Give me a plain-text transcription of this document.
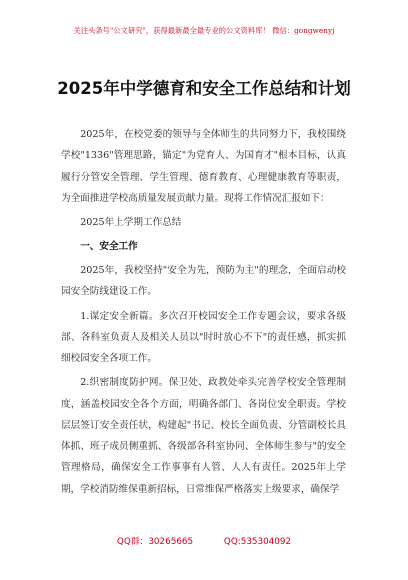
关注头条号"公文研究"，获得最新最全最专业的公文资料库！ 微信：gongwenyj
2025年中学德育和安全工作总结和计划

2025年，在校党委的领导与全体师生的共同努力下，我校围绕学校"1336"管理思路，锚定"为党育人、为国育才"根本目标，认真履行分管安全管理、学生管理、德育教育、心理健康教育等职责，为全面推进学校高质量发展贡献力量。现将工作情况汇报如下：

2025年上学期工作总结

一、安全工作

2025年，我校坚持"安全为先，预防为主"的理念，全面启动校园安全防线建设工作。

1.谋定安全新篇。多次召开校园安全工作专题会议，要求各级部、各科室负责人及相关人员以"时时放心不下"的责任感，抓实抓细校园安全各项工作。

2.织密制度防护网。保卫处、政教处牵头完善学校安全管理制度，涵盖校园安全各个方面，明确各部门、各岗位安全职责。学校层层签订安全责任状，构建起"书记、校长全面负责、分管副校长具体抓、班子成员侧重抓、各级部各科室协同、全体师生参与"的安全管理格局，确保安全工作事事有人管、人人有责任。2025年上学期，学校消防维保重新招标，日常维保严格落实上级要求，确保学

QQ群：30265665	QQ:535304092
